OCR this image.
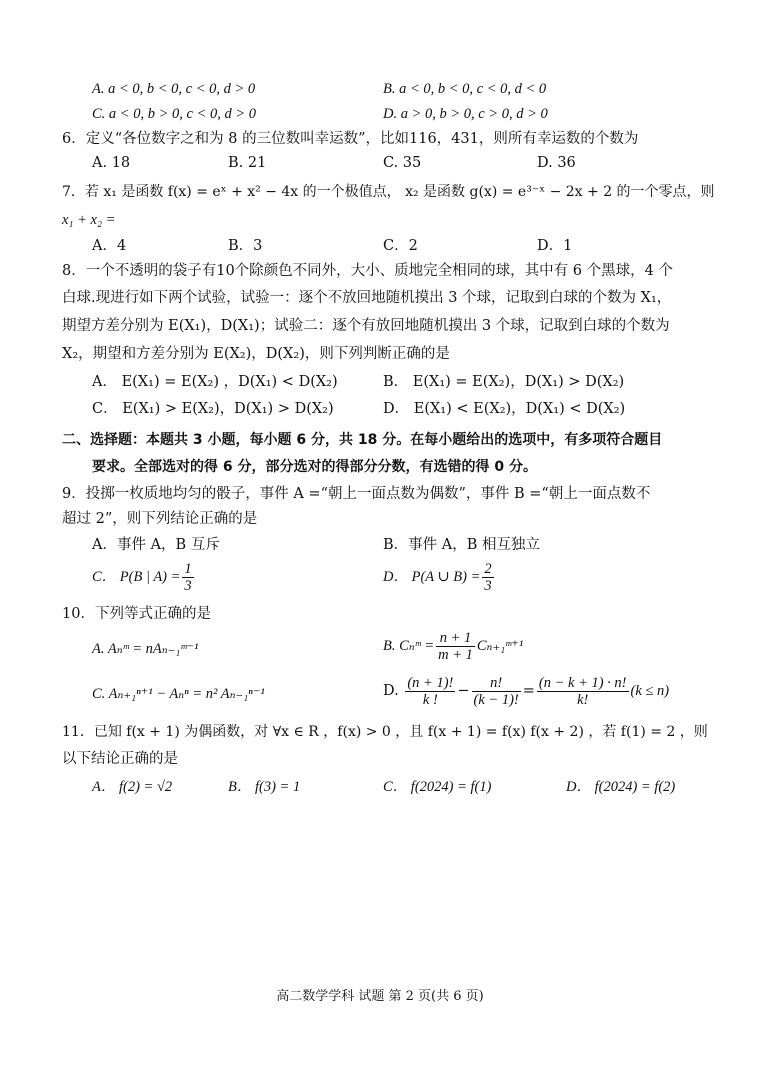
A. a < 0, b < 0, c < 0, d > 0	B. a < 0, b < 0, c < 0, d < 0
C. a < 0, b > 0, c < 0, d > 0	D. a > 0, b > 0, c > 0, d > 0
6．定义“各位数字之和为 8 的三位数叫幸运数”，比如116，431，则所有幸运数的个数为
A. 18	B. 21	C. 35	D. 36
7．若 x₁ 是函数 f(x) = eˣ + x² − 4x 的一个极值点， x₂ 是函数 g(x) = e³⁻ˣ − 2x + 2 的一个零点，则
x₁ + x₂ =
A．4	B．3	C．2	D．1
8．一个不透明的袋子有10个除颜色不同外，大小、质地完全相同的球，其中有 6 个黑球，4 个
白球.现进行如下两个试验，试验一：逐个不放回地随机摸出 3 个球，记取到白球的个数为 X₁，
期望方差分别为 E(X₁)，D(X₁)；试验二：逐个有放回地随机摸出 3 个球，记取到白球的个数为
X₂，期望和方差分别为 E(X₂)，D(X₂)，则下列判断正确的是
A． E(X₁) = E(X₂) ，D(X₁) < D(X₂)	B． E(X₁) = E(X₂)，D(X₁) > D(X₂)
C． E(X₁) > E(X₂)，D(X₁) > D(X₂)	D． E(X₁) < E(X₂)，D(X₁) < D(X₂)
二、选择题：本题共 3 小题，每小题 6 分，共 18 分。在每小题给出的选项中，有多项符合题目
要求。全部选对的得 6 分，部分选对的得部分分数，有选错的得 0 分。
9．投掷一枚质地均匀的骰子，事件 A =“朝上一面点数为偶数”，事件 B =“朝上一面点数不
超过 2”，则下列结论正确的是
A．事件 A，B 互斥	B．事件 A，B 相互独立
C． P(B | $A) = \frac{1}{3}$	D． P(A ∪ $B) = \frac{2}{3}$
10．下列等式正确的是
A. Aₙᵐ = nAₙ₋₁ᵐ⁻¹	B. Cₙᵐ = $\frac{n + 1}{m + 1}$ Cₙ₊₁ᵐ⁺¹
C. Aₙ₊₁ⁿ⁺¹ − Aₙⁿ = n² Aₙ₋₁ⁿ⁻¹	D. $\frac{(n + 1)!}{k !} - \frac{n!}{(k - 1)!} = \frac{(n - k + 1) \cdot n!}{k!} (k \le n)$
11．已知 f(x + 1) 为偶函数，对 ∀x ∈ R ，f(x) > 0 ，且 f(x + 1) = f(x) f(x + 2) ，若 f(1) = 2 ，则
以下结论正确的是
A． f(2) = √2	B． f(3) = 1	C． f(2024) = f(1)	D． f(2024) = f(2)
高二数学学科 试题 第 2 页(共 6 页)
